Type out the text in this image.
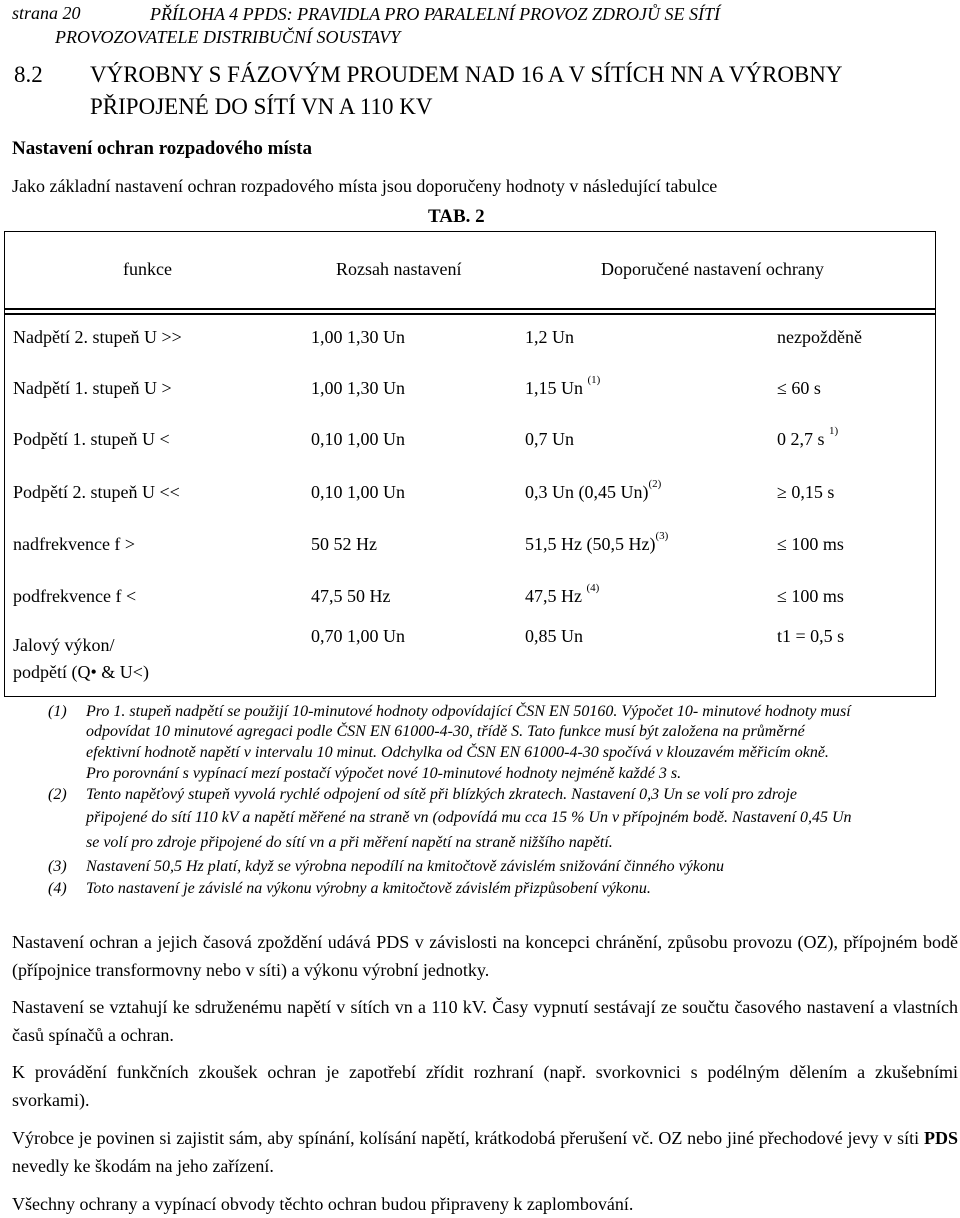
strana 20	PŘÍLOHA 4 PPDS: PRAVIDLA PRO PARALELNÍ PROVOZ ZDROJŮ SE SÍTÍ
PROVOZOVATELE DISTRIBUČNÍ SOUSTAVY
8.2 VÝROBNY S FÁZOVÝM PROUDEM NAD 16 A V SÍTÍCH NN A VÝROBNY
PŘIPOJENÉ DO SÍTÍ VN A 110 KV
Nastavení ochran rozpadového místa
Jako základní nastavení ochran rozpadového místa jsou doporučeny hodnoty v následující tabulce
TAB. 2
funkce	Rozsah nastavení	Doporučené nastavení ochrany
Nadpětí 2. stupeň U >>	1,00 1,30 Un	1,2 Un	nezpožděně
Nadpětí 1. stupeň U >	1,00 1,30 Un	1,15 Un $^{(1)}$	≤ 60 s
Podpětí 1. stupeň U <	0,10 1,00 Un	0,7 Un	0 2,7 s $^{1)}$
Podpětí 2. stupeň U <<	0,10 1,00 Un	0,3 Un (0,45 Un)$^{(2)}$	≥ 0,15 s
nadfrekvence f >	50 52 Hz	51,5 Hz (50,5 Hz)$^{(3)}$	≤ 100 ms
podfrekvence f <	47,5 50 Hz	47,5 Hz $^{(4)}$	≤ 100 ms
Jalový výkon/
podpětí (Q• & U<)
0,70 1,00 Un	0,85 Un	t1 = 0,5 s
(1) Pro 1. stupeň nadpětí se použijí 10-minutové hodnoty odpovídající ČSN EN 50160. Výpočet 10- minutové hodnoty musí
odpovídat 10 minutové agregaci podle ČSN EN 61000-4-30, třídě S. Tato funkce musí být založena na průměrné
efektivní hodnotě napětí v intervalu 10 minut. Odchylka od ČSN EN 61000-4-30 spočívá v klouzavém měřicím okně.
Pro porovnání s vypínací mezí postačí výpočet nové 10-minutové hodnoty nejméně každé 3 s.
(2) Tento napěťový stupeň vyvolá rychlé odpojení od sítě při blízkých zkratech. Nastavení 0,3 Un se volí pro zdroje
připojené do sítí 110 kV a napětí měřené na straně vn (odpovídá mu cca 15 % Un v přípojném bodě. Nastavení 0,45 Un
se volí pro zdroje připojené do sítí vn a při měření napětí na straně nižšího napětí.
(3) Nastavení 50,5 Hz platí, když se výrobna nepodílí na kmitočtově závislém snižování činného výkonu
(4) Toto nastavení je závislé na výkonu výrobny a kmitočtově závislém přizpůsobení výkonu.
Nastavení ochran a jejich časová zpoždění udává PDS v závislosti na koncepci chránění, způsobu provozu (OZ), přípojném bodě (přípojnice transformovny nebo v síti) a výkonu výrobní jednotky.
Nastavení se vztahují ke sdruženému napětí v sítích vn a 110 kV. Časy vypnutí sestávají ze součtu časového nastavení a vlastních časů spínačů a ochran.
K provádění funkčních zkoušek ochran je zapotřebí zřídit rozhraní (např. svorkovnici s podélným dělením a zkušebními svorkami).
Výrobce je povinen si zajistit sám, aby spínání, kolísání napětí, krátkodobá přerušení vč. OZ nebo jiné přechodové jevy v síti PDS nevedly ke škodám na jeho zařízení.
Všechny ochrany a vypínací obvody těchto ochran budou připraveny k zaplombování.
